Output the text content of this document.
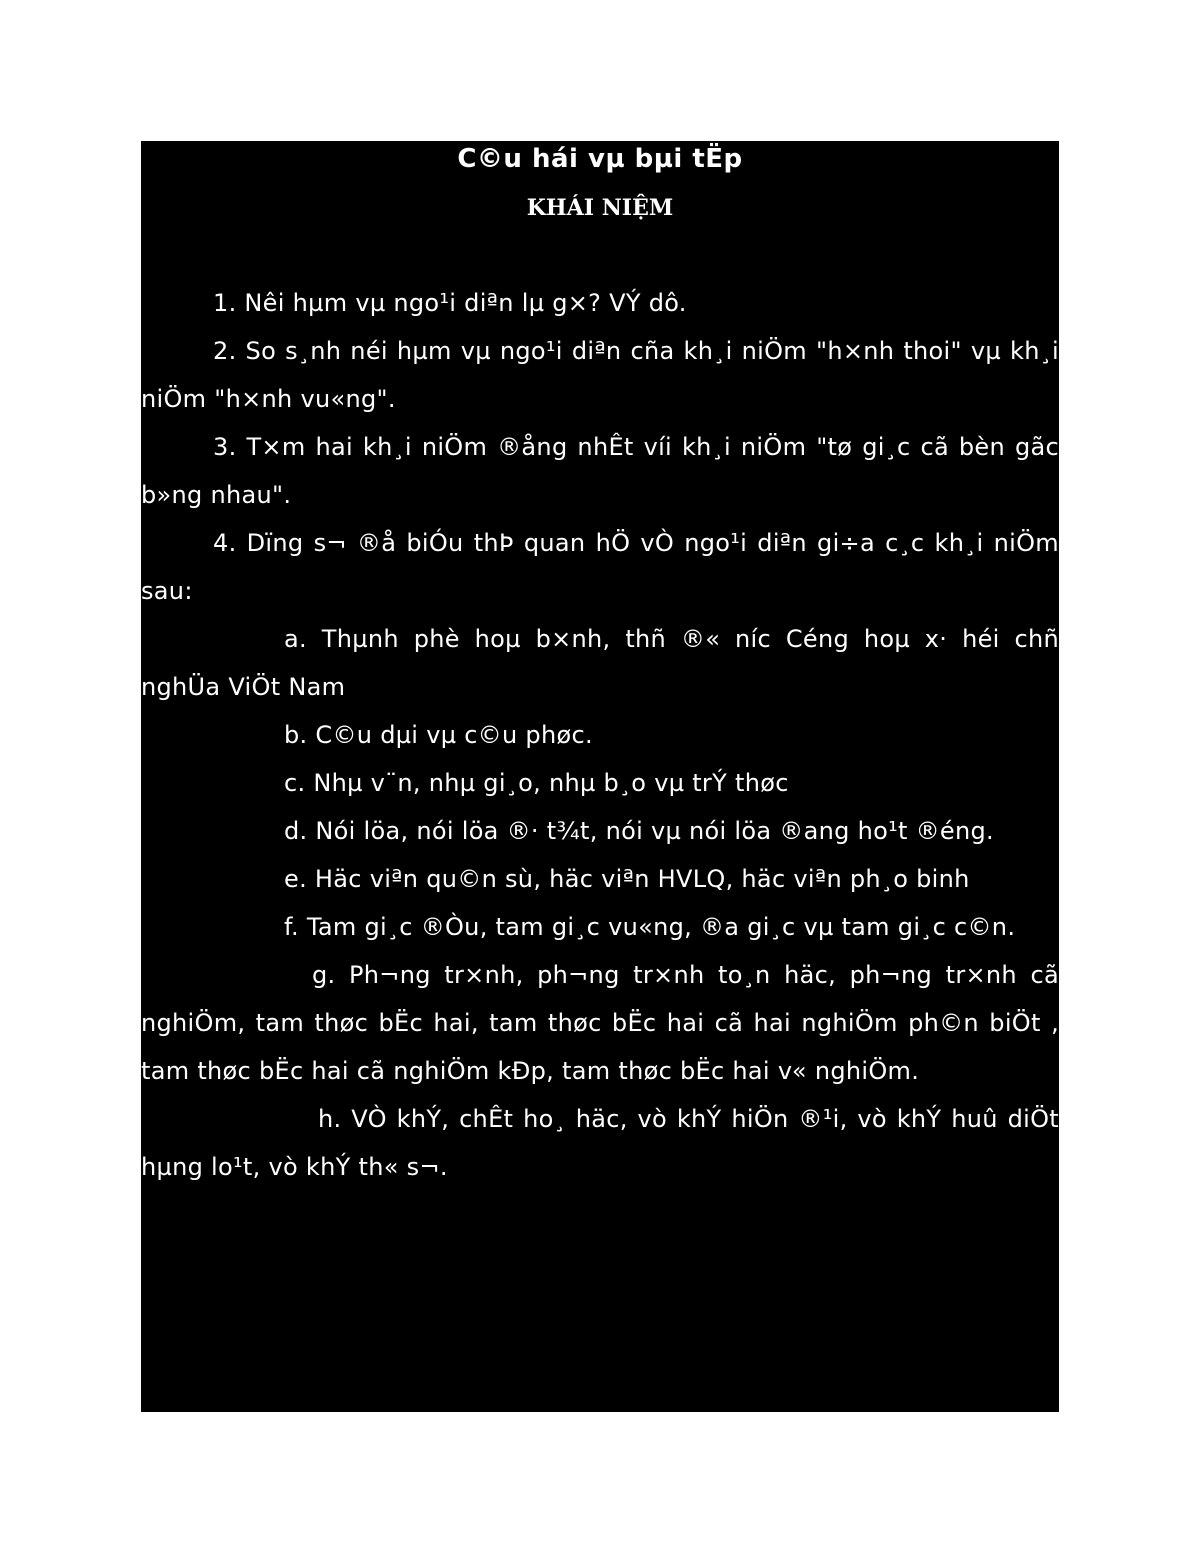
C©u hái vµ bµi tËp
KHÁI NIỆM

1. Nêi hµm vµ ngo¹i diªn lµ g×? VÝ dô.

2. So s¸nh néi hµm vµ ngo¹i diªn cña kh¸i niÖm "h×nh thoi" vµ kh¸i niÖm "h×nh vu«ng".

3. T×m hai kh¸i niÖm ®ång nhÊt víi kh¸i niÖm "tø gi¸c cã bèn gãc b»ng nhau".

4. Dïng s¬ ®å biÓu thÞ quan hÖ vÒ ngo¹i diªn gi÷a c¸c kh¸i niÖm sau:

a. Thµnh phè hoµ b×nh, thñ ®« níc Céng hoµ x· héi chñ nghÜa ViÖt Nam

b. C©u dµi vµ c©u phøc.

c. Nhµ v¨n, nhµ gi¸o, nhµ b¸o vµ trÝ thøc

d. Nói löa, nói löa ®· t¾t, nói vµ nói löa ®ang ho¹t ®éng.

e. Häc viªn qu©n sù, häc viªn HVLQ, häc viªn ph¸o binh

f. Tam gi¸c ®Òu, tam gi¸c vu«ng, ®a gi¸c vµ tam gi¸c c©n.

g. Ph¬ng tr×nh, ph¬ng tr×nh to¸n häc, ph¬ng tr×nh cã nghiÖm, tam thøc bËc hai, tam thøc bËc hai cã hai nghiÖm ph©n biÖt , tam thøc bËc hai cã nghiÖm kÐp, tam thøc bËc hai v« nghiÖm.

h. VÒ khÝ, chÊt ho¸ häc, vò khÝ hiÖn ®¹i, vò khÝ huû diÖt hµng lo¹t, vò khÝ th« s¬.
